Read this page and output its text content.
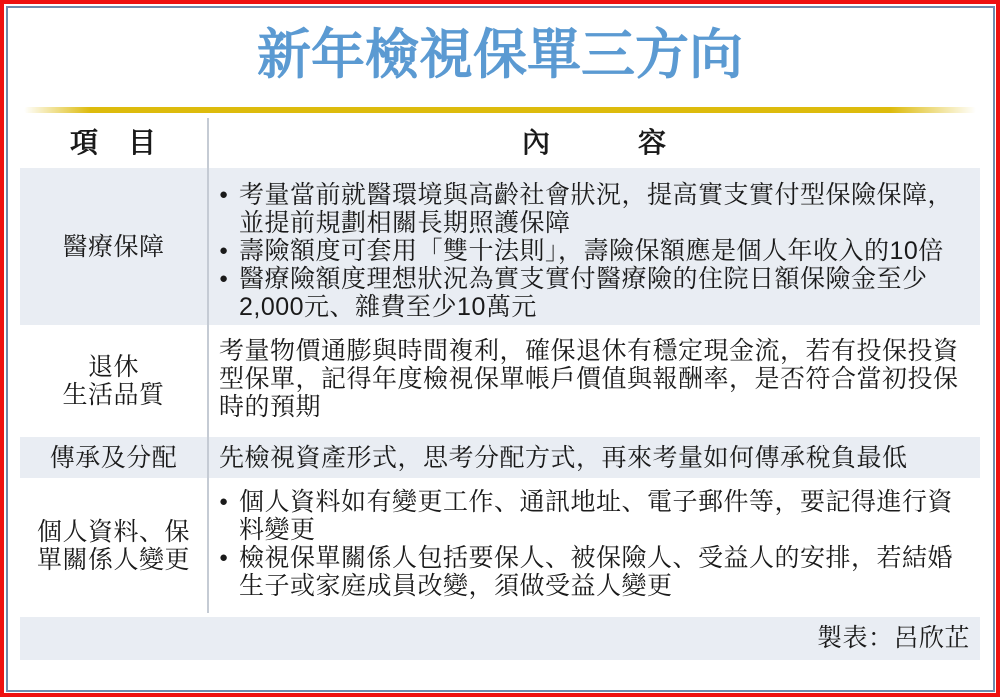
新年檢視保單三方向
項　目	內　　　容
醫療保障
● 考量當前就醫環境與高齡社會狀況，提高實支實付型保險保障，
並提前規劃相關長期照護保障
● 壽險額度可套用「雙十法則」，壽險保額應是個人年收入的10倍
● 醫療險額度理想狀況為實支實付醫療險的住院日額保險金至少
2,000元、雜費至少10萬元
退休
生活品質
考量物價通膨與時間複利，確保退休有穩定現金流，若有投保投資
型保單，記得年度檢視保單帳戶價值與報酬率，是否符合當初投保
時的預期
傳承及分配 先檢視資產形式，思考分配方式，再來考量如何傳承稅負最低
個人資料、保
單關係人變更
● 個人資料如有變更工作、通訊地址、電子郵件等，要記得進行資
料變更
● 檢視保單關係人包括要保人、被保險人、受益人的安排，若結婚
生子或家庭成員改變，須做受益人變更
製表：呂欣芷
